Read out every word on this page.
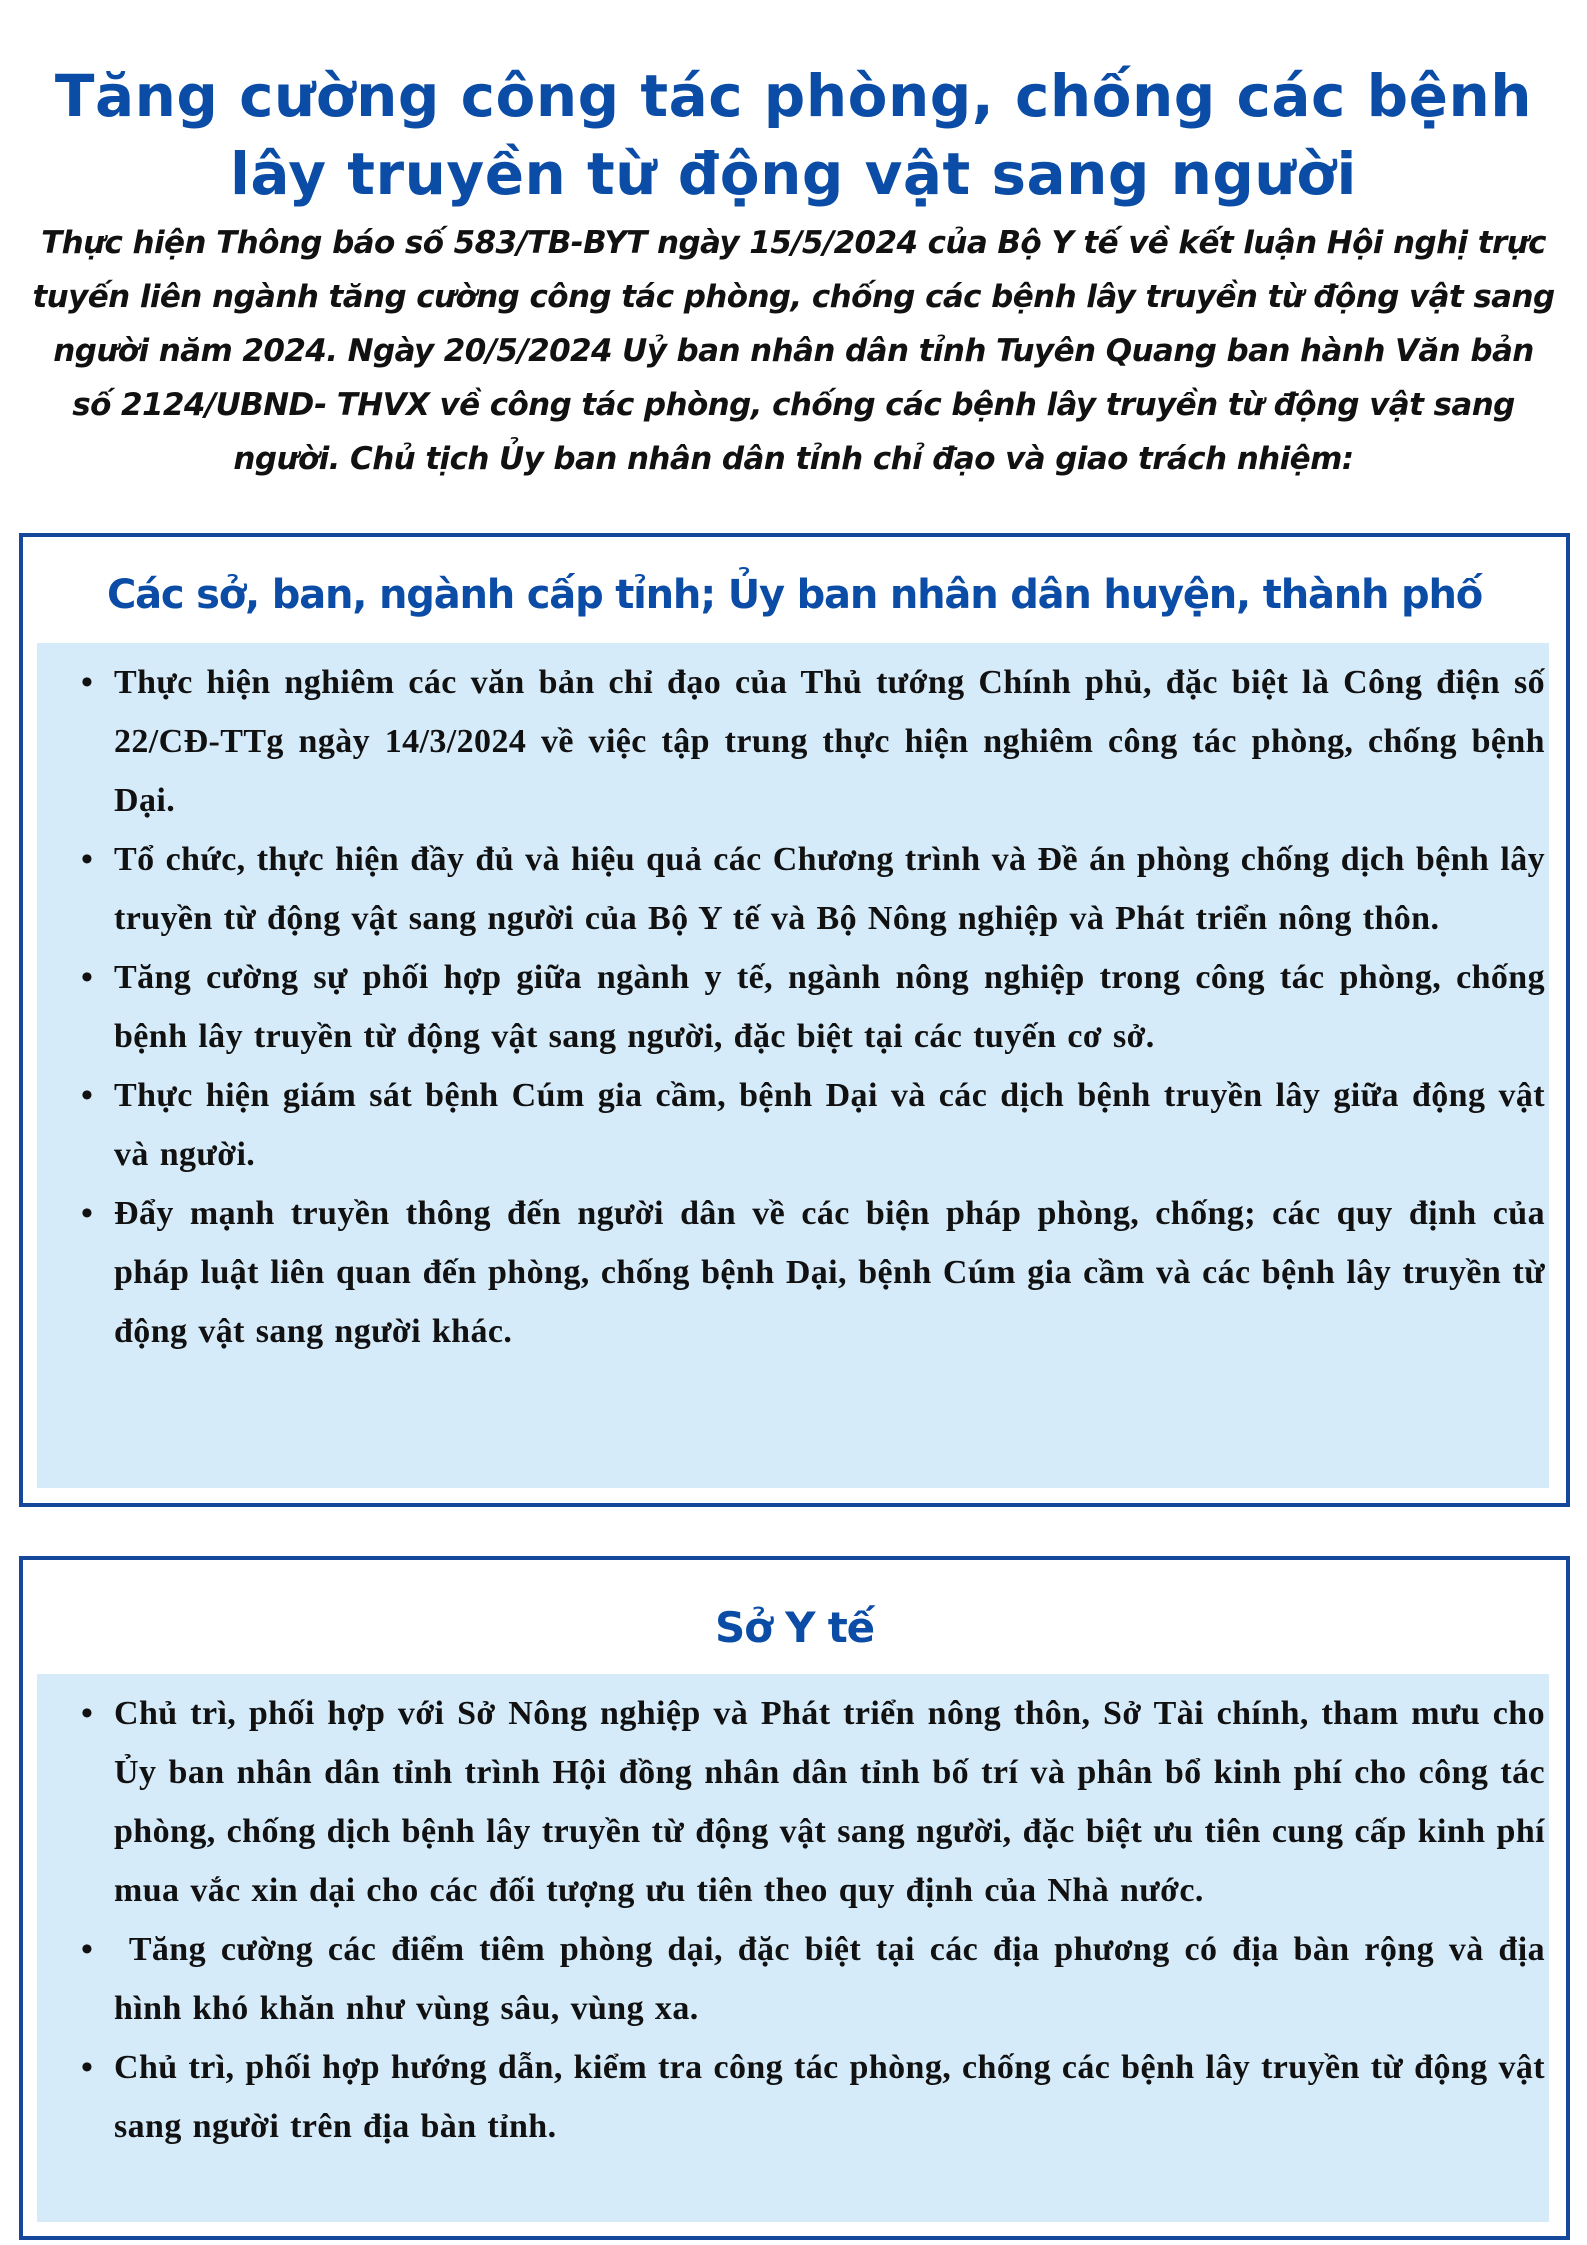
Tăng cường công tác phòng, chống các bệnh
lây truyền từ động vật sang người

Thực hiện Thông báo số 583/TB-BYT ngày 15/5/2024 của Bộ Y tế về kết luận Hội nghị trực tuyến liên ngành tăng cường công tác phòng, chống các bệnh lây truyền từ động vật sang người năm 2024. Ngày 20/5/2024 Uỷ ban nhân dân tỉnh Tuyên Quang ban hành Văn bản số 2124/UBND- THVX về công tác phòng, chống các bệnh lây truyền từ động vật sang người. Chủ tịch Ủy ban nhân dân tỉnh chỉ đạo và giao trách nhiệm:

Các sở, ban, ngành cấp tỉnh; Ủy ban nhân dân huyện, thành phố
• Thực hiện nghiêm các văn bản chỉ đạo của Thủ tướng Chính phủ, đặc biệt là Công điện số 22/CĐ-TTg ngày 14/3/2024 về việc tập trung thực hiện nghiêm công tác phòng, chống bệnh Dại.
• Tổ chức, thực hiện đầy đủ và hiệu quả các Chương trình và Đề án phòng chống dịch bệnh lây truyền từ động vật sang người của Bộ Y tế và Bộ Nông nghiệp và Phát triển nông thôn.
• Tăng cường sự phối hợp giữa ngành y tế, ngành nông nghiệp trong công tác phòng, chống bệnh lây truyền từ động vật sang người, đặc biệt tại các tuyến cơ sở.
• Thực hiện giám sát bệnh Cúm gia cầm, bệnh Dại và các dịch bệnh truyền lây giữa động vật và người.
• Đẩy mạnh truyền thông đến người dân về các biện pháp phòng, chống; các quy định của pháp luật liên quan đến phòng, chống bệnh Dại, bệnh Cúm gia cầm và các bệnh lây truyền từ động vật sang người khác.
Sở Y tế
• Chủ trì, phối hợp với Sở Nông nghiệp và Phát triển nông thôn, Sở Tài chính, tham mưu cho Ủy ban nhân dân tỉnh trình Hội đồng nhân dân tỉnh bố trí và phân bổ kinh phí cho công tác phòng, chống dịch bệnh lây truyền từ động vật sang người, đặc biệt ưu tiên cung cấp kinh phí mua vắc xin dại cho các đối tượng ưu tiên theo quy định của Nhà nước.
• Tăng cường các điểm tiêm phòng dại, đặc biệt tại các địa phương có địa bàn rộng và địa hình khó khăn như vùng sâu, vùng xa.
• Chủ trì, phối hợp hướng dẫn, kiểm tra công tác phòng, chống các bệnh lây truyền từ động vật sang người trên địa bàn tỉnh.
